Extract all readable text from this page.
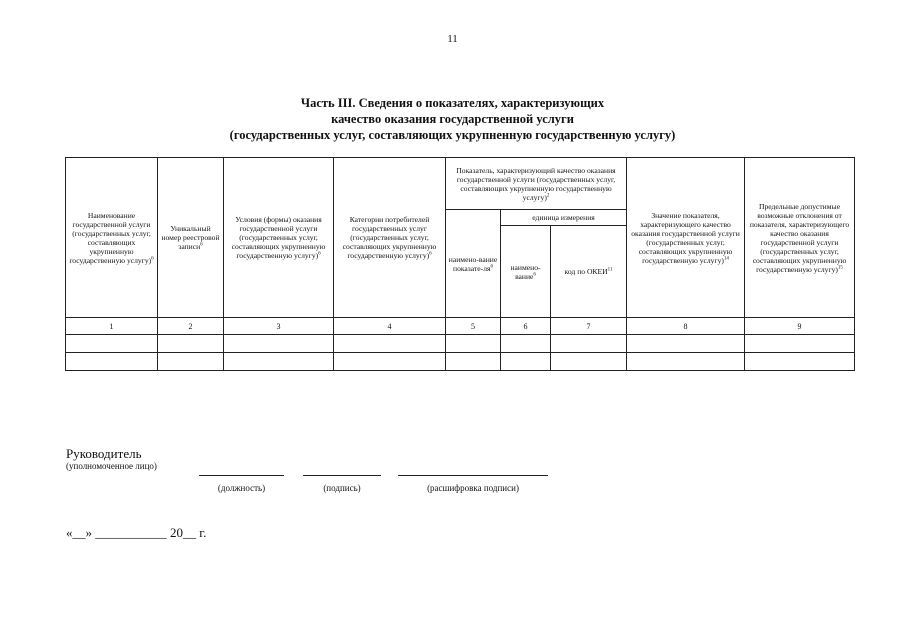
11
Часть III. Сведения о показателях, характеризующих
качество оказания государственной услуги
(государственных услуг, составляющих укрупненную государственную услугу)
Наименование государственной услуги (государственных услуг, составляющих укрупненную государственную услугу)$^6$	Уникальный номер реестровой записи$^6$	Условия (формы) оказания государственной услуги (государственных услуг, составляющих укрупненную государственную услугу)$^6$	Категории потребителей государственных услуг (государственных услуг, составляющих укрупненную государственную услугу)$^6$	Показатель, характеризующий качество оказания государственной услуги (государственных услуг, составляющих укрупненную государственную услугу)$^2$			Значение показателя, характеризующего качество оказания государственной услуги (государственных услуг, составляющих укрупненную государственную услугу)$^{14}$	Предельные допустимые возможные отклонения от показателя, характеризующего качество оказания государственной услуги (государственных услуг, составляющих укрупненную государственную услугу)$^{15}$
				наимено-вание показате-$ля^6$	единица измерения			
					наимено-вание$^6$	код по ОКЕИ$^{11}$
1	2	3	4	5	6	7	8	9

Руководитель
(уполномоченное лицо)
(должность)	(подпись)	(расшифровка подписи)
«__» ___________ 20__ г.
